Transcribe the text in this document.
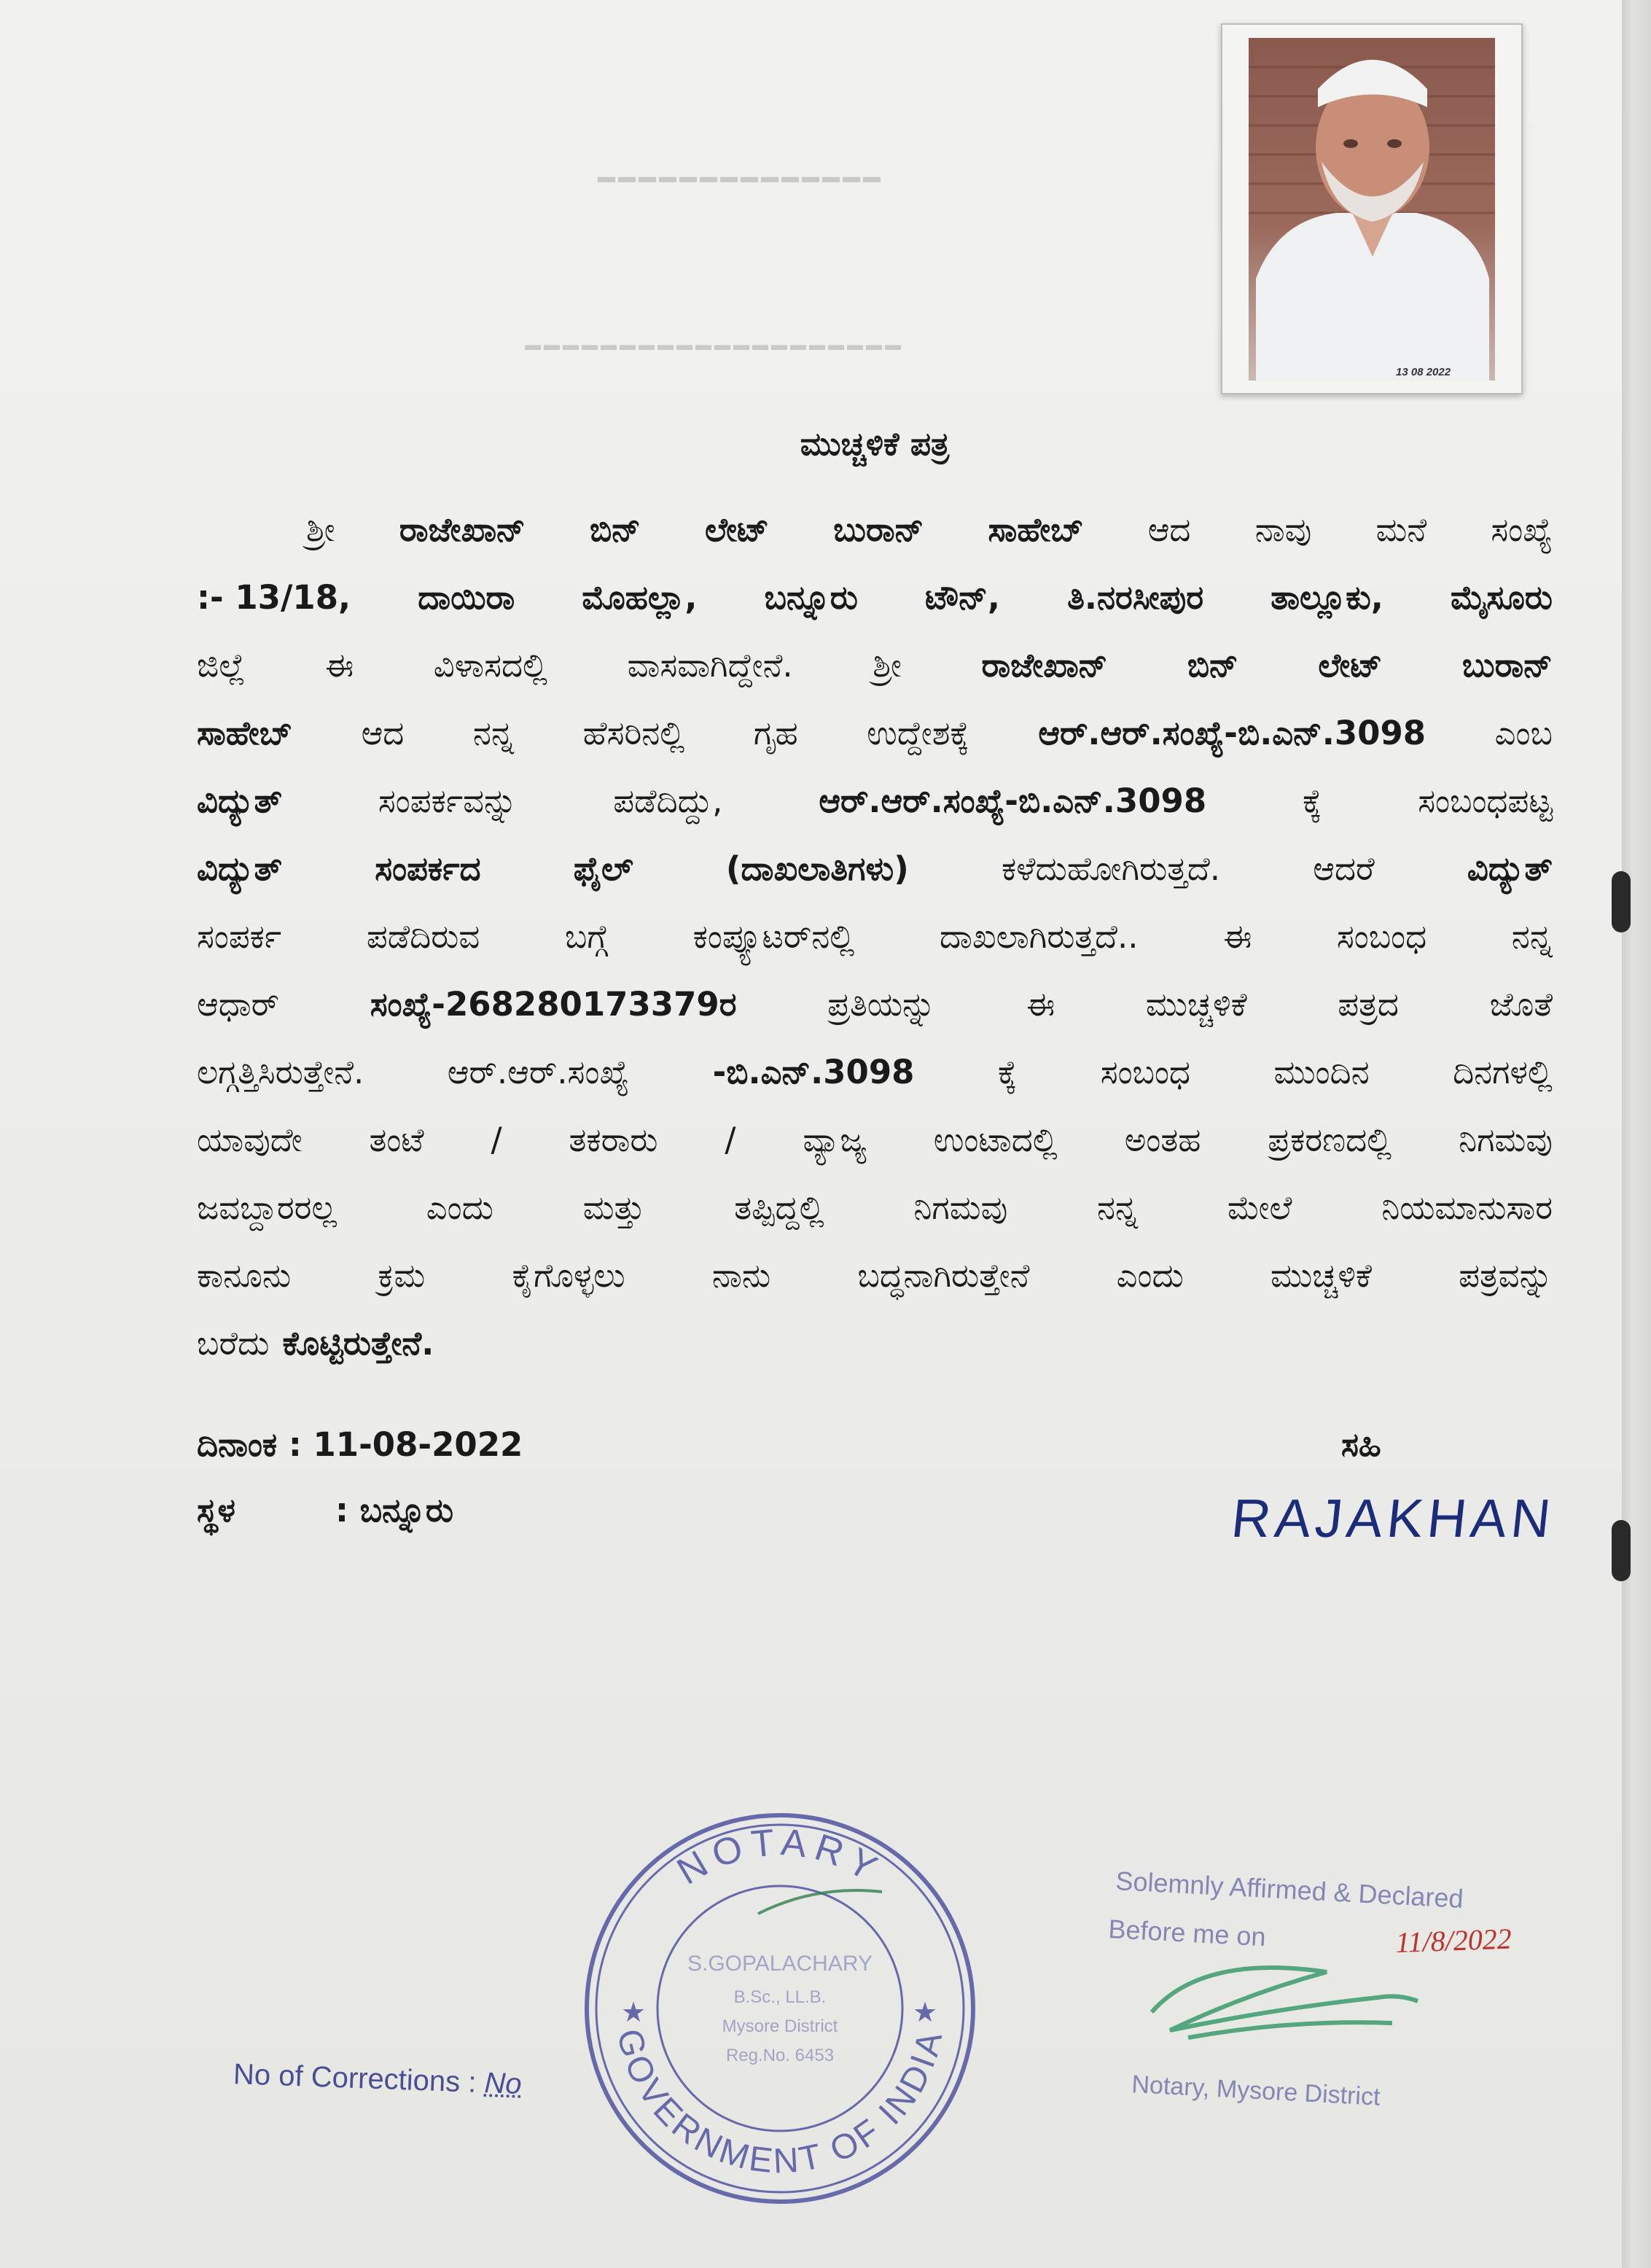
▬▬▬▬▬▬▬▬▬▬▬▬▬▬
▬▬▬▬▬▬▬▬▬▬▬▬▬▬▬▬▬▬▬▬
13 08 2022
ಮುಚ್ಚಳಿಕೆ ಪತ್ರ
ಶ್ರೀ ರಾಜೇಖಾನ್ ಬಿನ್ ಲೇಟ್ ಬುರಾನ್ ಸಾಹೇಬ್ ಆದ ನಾವು ಮನೆ ಸಂಖ್ಯೆ
:- 13/18, ದಾಯಿರಾ ಮೊಹಲ್ಲಾ, ಬನ್ನೂರು ಟೌನ್, ತಿ.ನರಸೀಪುರ ತಾಲ್ಲೂಕು, ಮೈಸೂರು
ಜಿಲ್ಲೆ ಈ ವಿಳಾಸದಲ್ಲಿ ವಾಸವಾಗಿದ್ದೇನೆ. ಶ್ರೀ ರಾಜೇಖಾನ್ ಬಿನ್ ಲೇಟ್ ಬುರಾನ್
ಸಾಹೇಬ್ ಆದ ನನ್ನ ಹೆಸರಿನಲ್ಲಿ ಗೃಹ ಉದ್ದೇಶಕ್ಕೆ ಆರ್.ಆರ್.ಸಂಖ್ಯೆ-ಬಿ.ಎನ್.3098 ಎಂಬ
ವಿದ್ಯುತ್	ಸಂಪರ್ಕವನ್ನು	ಪಡೆದಿದ್ದು,	ಆರ್.ಆರ್.ಸಂಖ್ಯೆ-ಬಿ.ಎನ್.3098	ಕ್ಕೆ	ಸಂಬಂಧಪಟ್ಟ
ವಿದ್ಯುತ್	ಸಂಪರ್ಕದ	ಫೈಲ್	(ದಾಖಲಾತಿಗಳು)	ಕಳೆದುಹೋಗಿರುತ್ತದೆ.	ಆದರೆ	ವಿದ್ಯುತ್
ಸಂಪರ್ಕ	ಪಡೆದಿರುವ	ಬಗ್ಗೆ	ಕಂಪ್ಯೂಟರ್‌ನಲ್ಲಿ	ದಾಖಲಾಗಿರುತ್ತದೆ..	ಈ	ಸಂಬಂಧ	ನನ್ನ
ಆಧಾರ್	ಸಂಖ್ಯೆ-268280173379ರ	ಪ್ರತಿಯನ್ನು	ಈ	ಮುಚ್ಚಳಿಕೆ	ಪತ್ರದ	ಜೊತೆ
ಲಗ್ಗತ್ತಿಸಿರುತ್ತೇನೆ.	ಆರ್.ಆರ್.ಸಂಖ್ಯೆ	-ಬಿ.ಎನ್.3098	ಕ್ಕೆ	ಸಂಬಂಧ	ಮುಂದಿನ	ದಿನಗಳಲ್ಲಿ
ಯಾವುದೇ ತಂಟೆ / ತಕರಾರು / ವ್ಯಾಜ್ಯ ಉಂಟಾದಲ್ಲಿ ಅಂತಹ ಪ್ರಕರಣದಲ್ಲಿ ನಿಗಮವು
ಜವಬ್ದಾರರಲ್ಲ	ಎಂದು	ಮತ್ತು	ತಪ್ಪಿದ್ದಲ್ಲಿ	ನಿಗಮವು	ನನ್ನ	ಮೇಲೆ	ನಿಯಮಾನುಸಾರ
ಕಾನೂನು	ಕ್ರಮ	ಕೈಗೊಳ್ಳಲು	ನಾನು	ಬದ್ಧನಾಗಿರುತ್ತೇನೆ	ಎಂದು	ಮುಚ್ಚಳಿಕೆ	ಪತ್ರವನ್ನು
ಬರೆದು ಕೊಟ್ಟಿರುತ್ತೇನೆ.
ದಿನಾಂಕ : 11-08-2022
ಸ್ಥಳ	: ಬನ್ನೂರು
ಸಹಿ
RAJAKHAN
NOTARY
GOVERNMENT OF INDIA
★	★
S.GOPALACHARY
B.Sc., LL.B.
Mysore District
Reg.No. 6453
Solemnly Affirmed & Declared
Before me on
Notary, Mysore District
11/8/2022
No of Corrections : No
